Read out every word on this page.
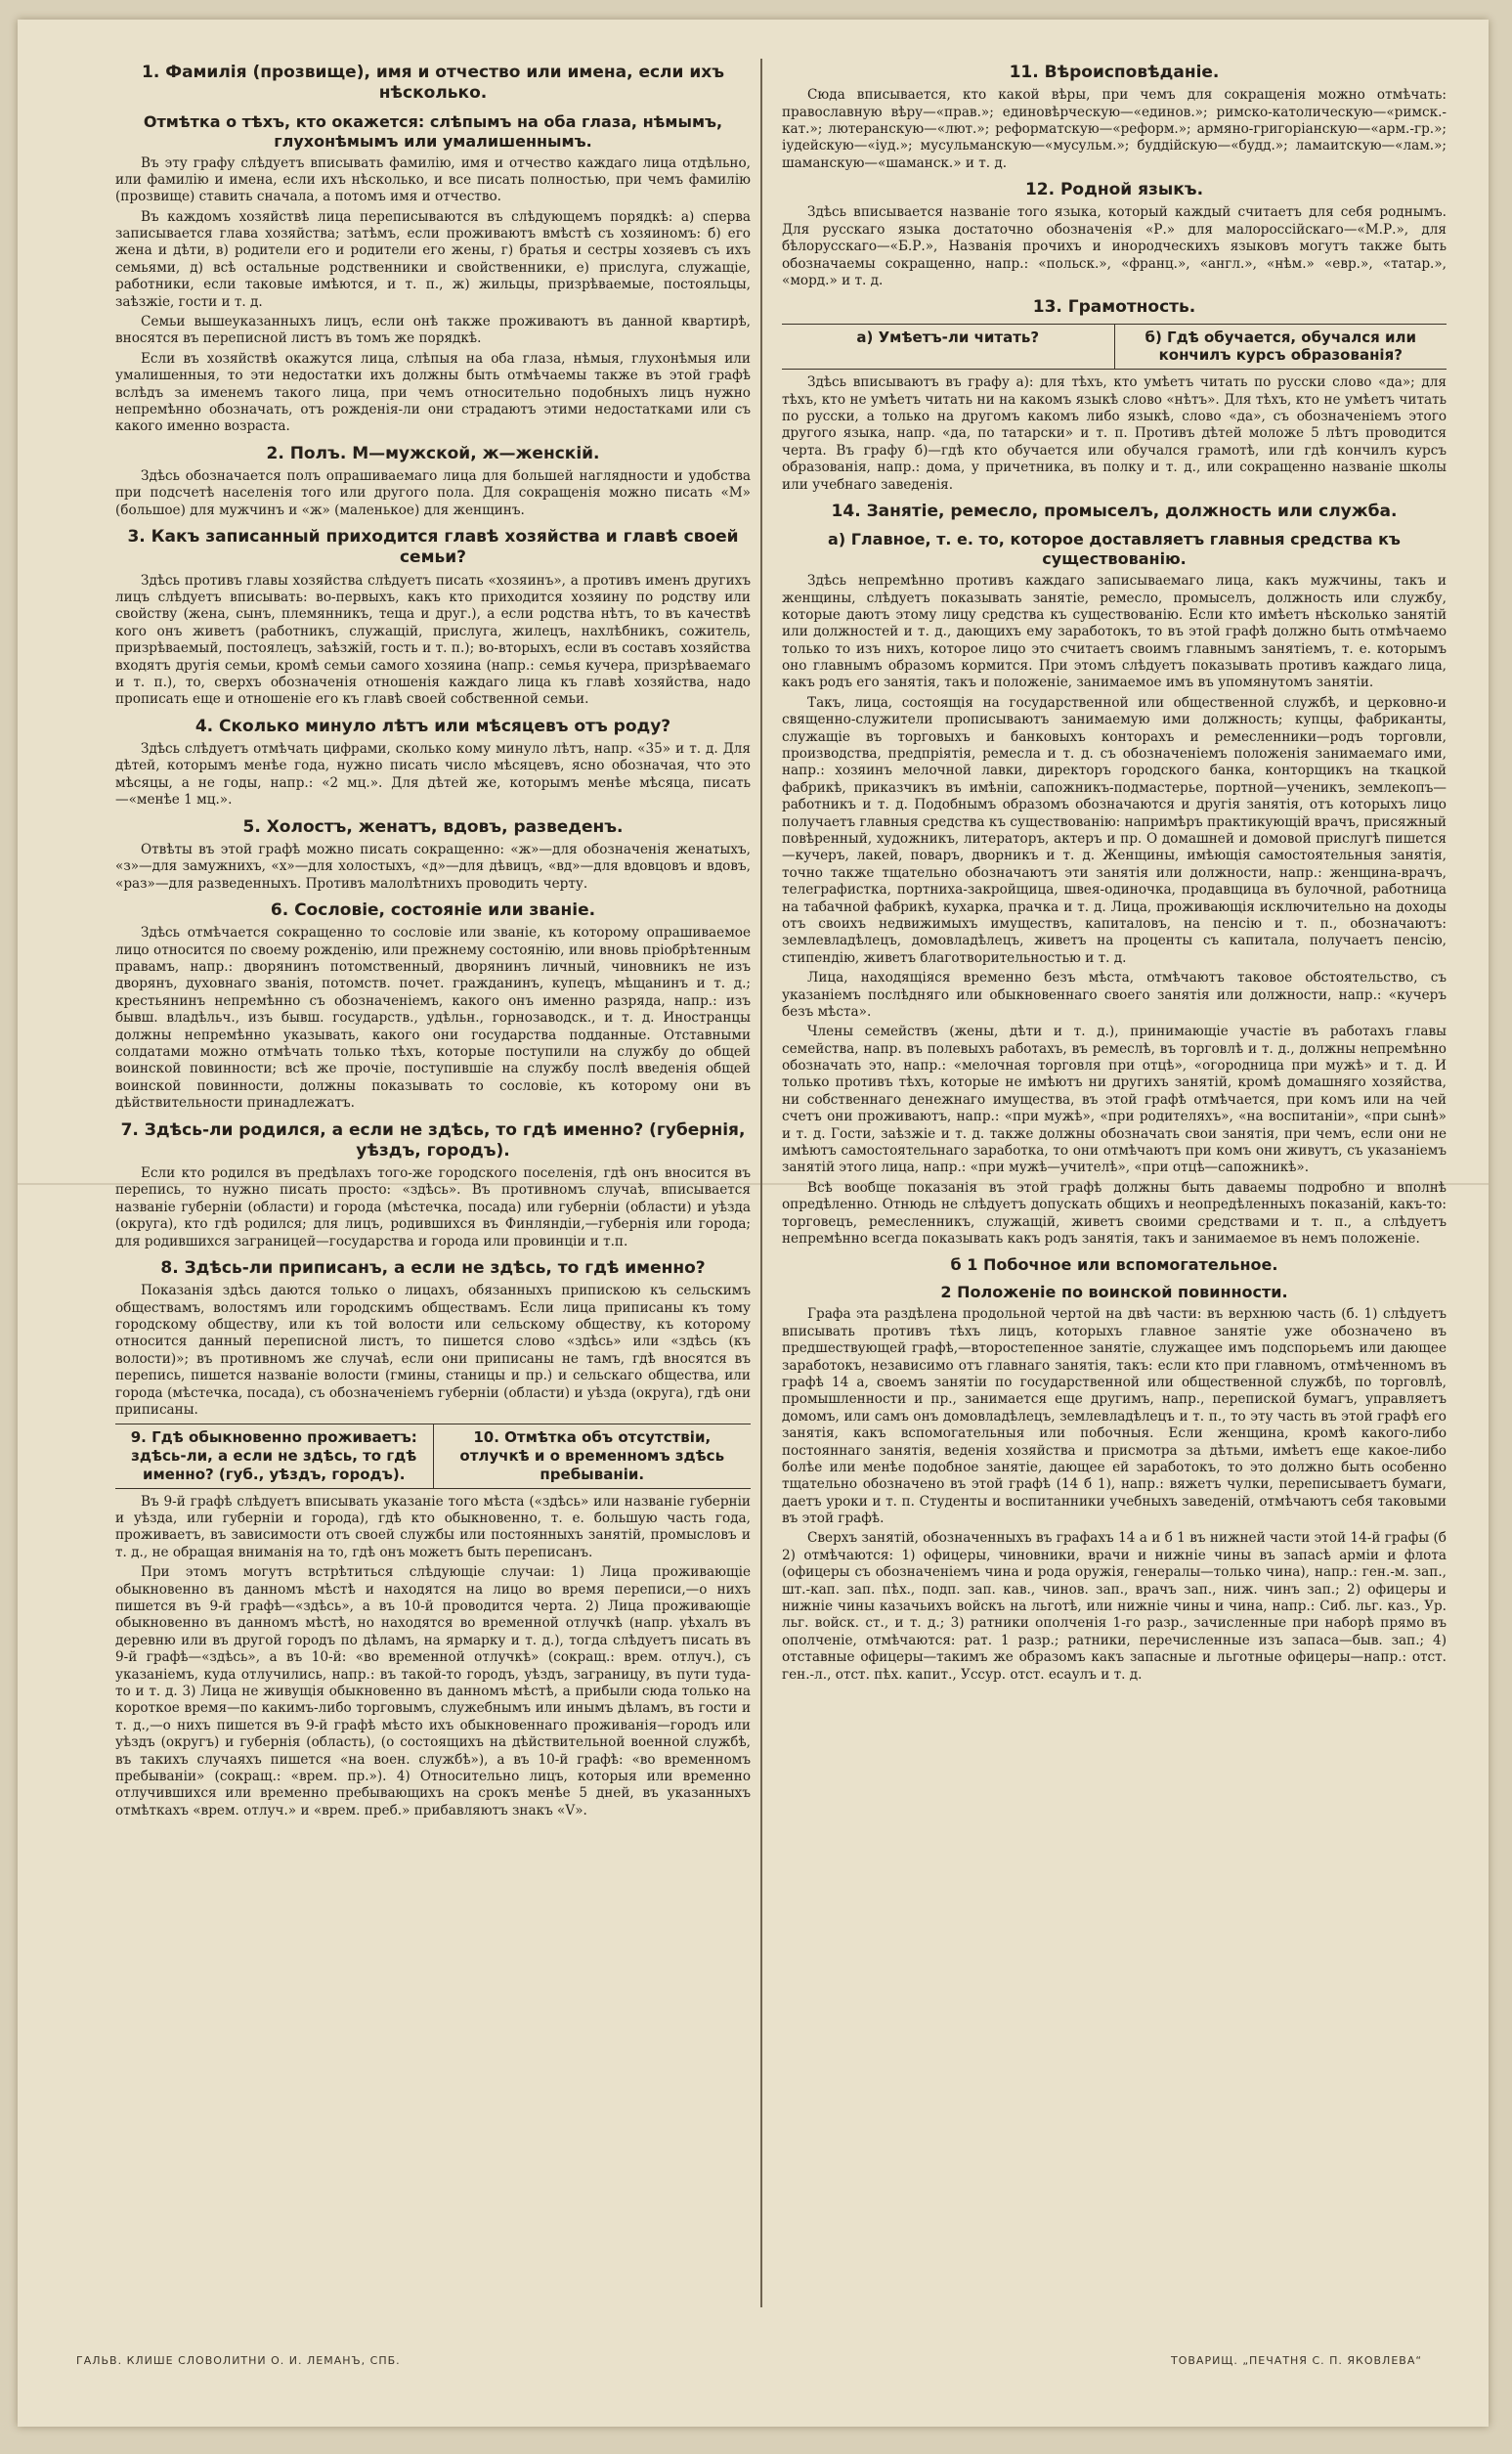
1. Фамилія (прозвище), имя и отчество или имена, если ихъ нѣсколько.
Отмѣтка о тѣхъ, кто окажется: слѣпымъ на оба глаза, нѣмымъ, глухонѣмымъ или умалишеннымъ.

Въ эту графу слѣдуетъ вписывать фамилію, имя и отчество каждаго лица отдѣльно, или фамилію и имена, если ихъ нѣсколько, и все писать полностью, при чемъ фамилію (прозвище) ставить сначала, а потомъ имя и отчество.

Въ каждомъ хозяйствѣ лица переписываются въ слѣдующемъ порядкѣ: а) сперва записывается глава хозяйства; затѣмъ, если проживаютъ вмѣстѣ съ хозяиномъ: б) его жена и дѣти, в) родители его и родители его жены, г) братья и сестры хозяевъ съ ихъ семьями, д) всѣ остальные родственники и свойственники, е) прислуга, служащіе, работники, если таковые имѣются, и т. п., ж) жильцы, призрѣваемые, постояльцы, заѣзжіе, гости и т. д.

Семьи вышеуказанныхъ лицъ, если онѣ также проживаютъ въ данной квартирѣ, вносятся въ переписной листъ въ томъ же порядкѣ.

Если въ хозяйствѣ окажутся лица, слѣпыя на оба глаза, нѣмыя, глухонѣмыя или умалишенныя, то эти недостатки ихъ должны быть отмѣчаемы также въ этой графѣ вслѣдъ за именемъ такого лица, при чемъ относительно подобныхъ лицъ нужно непремѣнно обозначать, отъ рожденія-ли они страдаютъ этими недостатками или съ какого именно возраста.

2. Полъ. М—мужской, ж—женскій.

Здѣсь обозначается полъ опрашиваемаго лица для большей наглядности и удобства при подсчетѣ населенія того или другого пола. Для сокращенія можно писать «М» (большое) для мужчинъ и «ж» (маленькое) для женщинъ.

3. Какъ записанный приходится главѣ хозяйства и главѣ своей семьи?

Здѣсь противъ главы хозяйства слѣдуетъ писать «хозяинъ», а противъ именъ другихъ лицъ слѣдуетъ вписывать: во-первыхъ, какъ кто приходится хозяину по родству или свойству (жена, сынъ, племянникъ, теща и друг.), а если родства нѣтъ, то въ качествѣ кого онъ живетъ (работникъ, служащій, прислуга, жилецъ, нахлѣбникъ, сожитель, призрѣваемый, постоялецъ, заѣзжій, гость и т. п.); во-вторыхъ, если въ составъ хозяйства входятъ другія семьи, кромѣ семьи самого хозяина (напр.: семья кучера, призрѣваемаго и т. п.), то, сверхъ обозначенія отношенія каждаго лица къ главѣ хозяйства, надо прописать еще и отношеніе его къ главѣ своей собственной семьи.

4. Сколько минуло лѣтъ или мѣсяцевъ отъ роду?

Здѣсь слѣдуетъ отмѣчать цифрами, сколько кому минуло лѣтъ, напр. «35» и т. д. Для дѣтей, которымъ менѣе года, нужно писать число мѣсяцевъ, ясно обозначая, что это мѣсяцы, а не годы, напр.: «2 мц.». Для дѣтей же, которымъ менѣе мѣсяца, писать—«менѣе 1 мц.».

5. Холостъ, женатъ, вдовъ, разведенъ.

Отвѣты въ этой графѣ можно писать сокращенно: «ж»—для обозначенія женатыхъ, «з»—для замужнихъ, «х»—для холостыхъ, «д»—для дѣвицъ, «вд»—для вдовцовъ и вдовъ, «раз»—для разведенныхъ. Противъ малолѣтнихъ проводить черту.

6. Сословіе, состояніе или званіе.

Здѣсь отмѣчается сокращенно то сословіе или званіе, къ которому опрашиваемое лицо относится по своему рожденію, или прежнему состоянію, или вновь пріобрѣтенным правамъ, напр.: дворянинъ потомственный, дворянинъ личный, чиновникъ не изъ дворянъ, духовнаго званія, потомств. почет. гражданинъ, купецъ, мѣщанинъ и т. д.; крестьянинъ непремѣнно съ обозначеніемъ, какого онъ именно разряда, напр.: изъ бывш. владѣльч., изъ бывш. государств., удѣльн., горнозаводск., и т. д. Иностранцы должны непремѣнно указывать, какого они государства подданные. Отставными солдатами можно отмѣчать только тѣхъ, которые поступили на службу до общей воинской повинности; всѣ же прочіе, поступившіе на службу послѣ введенія общей воинской повинности, должны показывать то сословіе, къ которому они въ дѣйствительности принадлежатъ.

7. Здѣсь-ли родился, а если не здѣсь, то гдѣ именно? (губернія, уѣздъ, городъ).

Если кто родился въ предѣлахъ того-же городского поселенія, гдѣ онъ вносится въ перепись, то нужно писать просто: «здѣсь». Въ противномъ случаѣ, вписывается названіе губерніи (области) и города (мѣстечка, посада) или губерніи (области) и уѣзда (округа), кто гдѣ родился; для лицъ, родившихся въ Финляндіи,—губернія или города; для родившихся заграницей—государства и города или провинціи и т.п.

8. Здѣсь-ли приписанъ, а если не здѣсь, то гдѣ именно?

Показанія здѣсь даются только о лицахъ, обязанныхъ припискою къ сельскимъ обществамъ, волостямъ или городскимъ обществамъ. Если лица приписаны къ тому городскому обществу, или къ той волости или сельскому обществу, къ которому относится данный переписной листъ, то пишется слово «здѣсь» или «здѣсь (къ волости)»; въ противномъ же случаѣ, если они приписаны не тамъ, гдѣ вносятся въ перепись, пишется названіе волости (гмины, станицы и пр.) и сельскаго общества, или города (мѣстечка, посада), съ обозначеніемъ губерніи (области) и уѣзда (округа), гдѣ они приписаны.

9. Гдѣ обыкновенно проживаетъ: здѣсь-ли, а если не здѣсь, то гдѣ именно? (губ., уѣздъ, городъ).
10. Отмѣтка объ отсутствіи, отлучкѣ и о временномъ здѣсь пребываніи.

Въ 9-й графѣ слѣдуетъ вписывать указаніе того мѣста («здѣсь» или названіе губерніи и уѣзда, или губерніи и города), гдѣ кто обыкновенно, т. е. большую часть года, проживаетъ, въ зависимости отъ своей службы или постоянныхъ занятій, промысловъ и т. д., не обращая вниманія на то, гдѣ онъ можетъ быть переписанъ.

При этомъ могутъ встрѣтиться слѣдующіе случаи: 1) Лица проживающіе обыкновенно въ данномъ мѣстѣ и находятся на лицо во время переписи,—о нихъ пишется въ 9-й графѣ—«здѣсь», а въ 10-й проводится черта. 2) Лица проживающіе обыкновенно въ данномъ мѣстѣ, но находятся во временной отлучкѣ (напр. уѣхалъ въ деревню или въ другой городъ по дѣламъ, на ярмарку и т. д.), тогда слѣдуетъ писать въ 9-й графѣ—«здѣсь», а въ 10-й: «во временной отлучкѣ» (сокращ.: врем. отлуч.), съ указаніемъ, куда отлучились, напр.: въ такой-то городъ, уѣздъ, заграницу, въ пути туда-то и т. д. 3) Лица не живущія обыкновенно въ данномъ мѣстѣ, а прибыли сюда только на короткое время—по какимъ-либо торговымъ, служебнымъ или инымъ дѣламъ, въ гости и т. д.,—о нихъ пишется въ 9-й графѣ мѣсто ихъ обыкновеннаго проживанія—городъ или уѣздъ (округъ) и губернія (область), (о состоящихъ на дѣйствительной военной службѣ, въ такихъ случаяхъ пишется «на воен. службѣ»), а въ 10-й графѣ: «во временномъ пребываніи» (сокращ.: «врем. пр.»). 4) Относительно лицъ, которыя или временно отлучившихся или временно пребывающихъ на срокъ менѣе 5 дней, въ указанныхъ отмѣткахъ «врем. отлуч.» и «врем. преб.» прибавляютъ знакъ «V».

11. Вѣроисповѣданіе.

Сюда вписывается, кто какой вѣры, при чемъ для сокращенія можно отмѣчать: православную вѣру—«прав.»; единовѣрческую—«единов.»; римско-католическую—«римск.-кат.»; лютеранскую—«лют.»; реформатскую—«реформ.»; армяно-григоріанскую—«арм.-гр.»; іудейскую—«іуд.»; мусульманскую—«мусульм.»; буддійскую—«будд.»; ламаитскую—«лам.»; шаманскую—«шаманск.» и т. д.

12. Родной языкъ.

Здѣсь вписывается названіе того языка, который каждый считаетъ для себя роднымъ. Для русскаго языка достаточно обозначенія «Р.» для малороссійскаго—«М.Р.», для бѣлорусскаго—«Б.Р.», Названія прочихъ и инородческихъ языковъ могутъ также быть обозначаемы сокращенно, напр.: «польск.», «франц.», «англ.», «нѣм.» «евр.», «татар.», «морд.» и т. д.

13. Грамотность.
а) Умѣетъ-ли читать?	б) Гдѣ обучается, обучался или кончилъ курсъ образованія?

Здѣсь вписываютъ въ графу а): для тѣхъ, кто умѣетъ читать по русски слово «да»; для тѣхъ, кто не умѣетъ читать ни на какомъ языкѣ слово «нѣтъ». Для тѣхъ, кто не умѣетъ читать по русски, а только на другомъ какомъ либо языкѣ, слово «да», съ обозначеніемъ этого другого языка, напр. «да, по татарски» и т. п. Противъ дѣтей моложе 5 лѣтъ проводится черта. Въ графу б)—гдѣ кто обучается или обучался грамотѣ, или гдѣ кончилъ курсъ образованія, напр.: дома, у причетника, въ полку и т. д., или сокращенно названіе школы или учебнаго заведенія.

14. Занятіе, ремесло, промыселъ, должность или служба.
а) Главное, т. е. то, которое доставляетъ главныя средства къ существованію.

Здѣсь непремѣнно противъ каждаго записываемаго лица, какъ мужчины, такъ и женщины, слѣдуетъ показывать занятіе, ремесло, промыселъ, должность или службу, которые даютъ этому лицу средства къ существованію. Если кто имѣетъ нѣсколько занятій или должностей и т. д., дающихъ ему заработокъ, то въ этой графѣ должно быть отмѣчаемо только то изъ нихъ, которое лицо это считаетъ своимъ главнымъ занятіемъ, т. е. которымъ оно главнымъ образомъ кормится. При этомъ слѣдуетъ показывать противъ каждаго лица, какъ родъ его занятія, такъ и положеніе, занимаемое имъ въ упомянутомъ занятіи.

Такъ, лица, состоящія на государственной или общественной службѣ, и церковно-и священно-служители прописываютъ занимаемую ими должность; купцы, фабриканты, служащіе въ торговыхъ и банковыхъ конторахъ и ремесленники—родъ торговли, производства, предпріятія, ремесла и т. д. съ обозначеніемъ положенія занимаемаго ими, напр.: хозяинъ мелочной лавки, директоръ городского банка, конторщикъ на ткацкой фабрикѣ, приказчикъ въ имѣніи, сапожникъ-подмастерье, портной—ученикъ, землекопъ—работникъ и т. д. Подобнымъ образомъ обозначаются и другія занятія, отъ которыхъ лицо получаетъ главныя средства къ существованію: напримѣръ практикующій врачъ, присяжный повѣренный, художникъ, литераторъ, актеръ и пр. О домашней и домовой прислугѣ пишется—кучеръ, лакей, поваръ, дворникъ и т. д. Женщины, имѣющія самостоятельныя занятія, точно также тщательно обозначаютъ эти занятія или должности, напр.: женщина-врачъ, телеграфистка, портниха-закройщица, швея-одиночка, продавщица въ булочной, работница на табачной фабрикѣ, кухарка, прачка и т. д. Лица, проживающія исключительно на доходы отъ своихъ недвижимыхъ имуществъ, капиталовъ, на пенсію и т. п., обозначаютъ: землевладѣлецъ, домовладѣлецъ, живетъ на проценты съ капитала, получаетъ пенсію, стипендію, живетъ благотворительностью и т. д.

Лица, находящіяся временно безъ мѣста, отмѣчаютъ таковое обстоятельство, съ указаніемъ послѣдняго или обыкновеннаго своего занятія или должности, напр.: «кучеръ безъ мѣста».

Члены семействъ (жены, дѣти и т. д.), принимающіе участіе въ работахъ главы семейства, напр. въ полевыхъ работахъ, въ ремеслѣ, въ торговлѣ и т. д., должны непремѣнно обозначать это, напр.: «мелочная торговля при отцѣ», «огородница при мужѣ» и т. д. И только противъ тѣхъ, которые не имѣютъ ни другихъ занятій, кромѣ домашняго хозяйства, ни собственнаго денежнаго имущества, въ этой графѣ отмѣчается, при комъ или на чей счетъ они проживаютъ, напр.: «при мужѣ», «при родителяхъ», «на воспитаніи», «при сынѣ» и т. д. Гости, заѣзжіе и т. д. также должны обозначать свои занятія, при чемъ, если они не имѣютъ самостоятельнаго заработка, то они отмѣчаютъ при комъ они живутъ, съ указаніемъ занятій этого лица, напр.: «при мужѣ—учителѣ», «при отцѣ—сапожникѣ».

Всѣ вообще показанія въ этой графѣ должны быть даваемы подробно и вполнѣ опредѣленно. Отнюдь не слѣдуетъ допускать общихъ и неопредѣленныхъ показаній, какъ-то: торговецъ, ремесленникъ, служащій, живетъ своими средствами и т. п., а слѣдуетъ непремѣнно всегда показывать какъ родъ занятія, такъ и занимаемое въ немъ положеніе.

б 1 Побочное или вспомогательное.
2 Положеніе по воинской повинности.

Графа эта раздѣлена продольной чертой на двѣ части: въ верхнюю часть (б. 1) слѣдуетъ вписывать противъ тѣхъ лицъ, которыхъ главное занятіе уже обозначено въ предшествующей графѣ,—второстепенное занятіе, служащее имъ подспорьемъ или дающее заработокъ, независимо отъ главнаго занятія, такъ: если кто при главномъ, отмѣченномъ въ графѣ 14 а, своемъ занятіи по государственной или общественной службѣ, по торговлѣ, промышленности и пр., занимается еще другимъ, напр., перепиской бумагъ, управляетъ домомъ, или самъ онъ домовладѣлецъ, землевладѣлецъ и т. п., то эту часть въ этой графѣ его занятія, какъ вспомогательныя или побочныя. Если женщина, кромѣ какого-либо постояннаго занятія, веденія хозяйства и присмотра за дѣтьми, имѣетъ еще какое-либо болѣе или менѣе подобное занятіе, дающее ей заработокъ, то это должно быть особенно тщательно обозначено въ этой графѣ (14 б 1), напр.: вяжетъ чулки, переписываетъ бумаги, даетъ уроки и т. п. Студенты и воспитанники учебныхъ заведеній, отмѣчаютъ себя таковыми въ этой графѣ.

Сверхъ занятій, обозначенныхъ въ графахъ 14 а и б 1 въ нижней части этой 14-й графы (б 2) отмѣчаются: 1) офицеры, чиновники, врачи и нижніе чины въ запасѣ арміи и флота (офицеры съ обозначеніемъ чина и рода оружія, генералы—только чина), напр.: ген.-м. зап., шт.-кап. зап. пѣх., подп. зап. кав., чинов. зап., врачъ зап., ниж. чинъ зап.; 2) офицеры и нижніе чины казачьихъ войскъ на льготѣ, или нижніе чины и чина, напр.: Сиб. льг. каз., Ур. льг. войск. ст., и т. д.; 3) ратники ополченія 1-го разр., зачисленные при наборѣ прямо въ ополченіе, отмѣчаются: рат. 1 разр.; ратники, перечисленные изъ запаса—быв. зап.; 4) отставные офицеры—такимъ же образомъ какъ запасные и льготные офицеры—напр.: отст. ген.-л., отст. пѣх. капит., Уссур. отст. есаулъ и т. д.

ГАЛЬВ. КЛИШЕ СЛОВОЛИТНИ О. И. ЛЕМАНЪ, СПБ.	ТОВАРИЩ. „ПЕЧАТНЯ С. П. ЯКОВЛЕВА“
